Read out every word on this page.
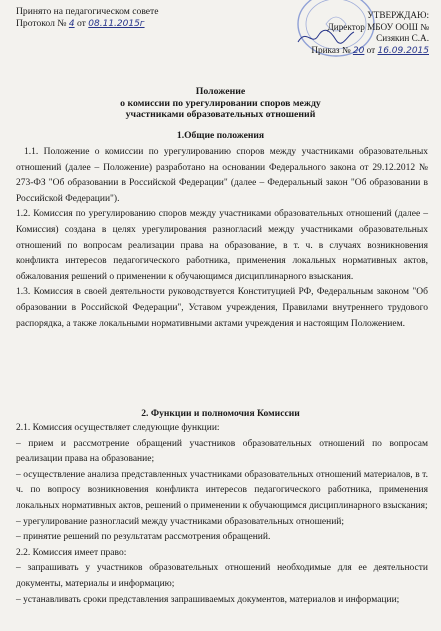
Принято на педагогическом совете
Протокол № 4 от 08.11.2015г
УТВЕРЖДАЮ:
Директор МБОУ ООШ №
Сизякин С.А.
Приказ № 20 от 16.09.2015
Положение
о комиссии по урегулировании споров между
участниками образовательных отношений
1.Общие положения

1.1. Положение о комиссии по урегулированию споров между участниками образовательных отношений (далее – Положение) разработано на основании Федерального закона от 29.12.2012 № 273-ФЗ "Об образовании в Российской Федерации" (далее – Федеральный закон "Об образовании в Российской Федерации").

1.2. Комиссия по урегулированию споров между участниками образовательных отношений (далее – Комиссия) создана в целях урегулирования разногласий между участниками образовательных отношений по вопросам реализации права на образование, в т. ч. в случаях возникновения конфликта интересов педагогического работника, применения локальных нормативных актов, обжалования решений о применении к обучающимся дисциплинарного взыскания.

1.3. Комиссия в своей деятельности руководствуется Конституцией РФ, Федеральным законом "Об образовании в Российской Федерации", Уставом учреждения, Правилами внутреннего трудового распорядка, а также локальными нормативными актами учреждения и настоящим Положением.

2. Функции и полномочия Комиссии

2.1. Комиссия осуществляет следующие функции:

– прием и рассмотрение обращений участников образовательных отношений по вопросам реализации права на образование;

– осуществление анализа представленных участниками образовательных отношений материалов, в т. ч. по вопросу возникновения конфликта интересов педагогического работника, применения локальных нормативных актов, решений о применении к обучающимся дисциплинарного взыскания;

– урегулирование разногласий между участниками образовательных отношений;

– принятие решений по результатам рассмотрения обращений.

2.2. Комиссия имеет право:

– запрашивать у участников образовательных отношений необходимые для ее деятельности документы, материалы и информацию;

– устанавливать сроки представления запрашиваемых документов, материалов и информации;
